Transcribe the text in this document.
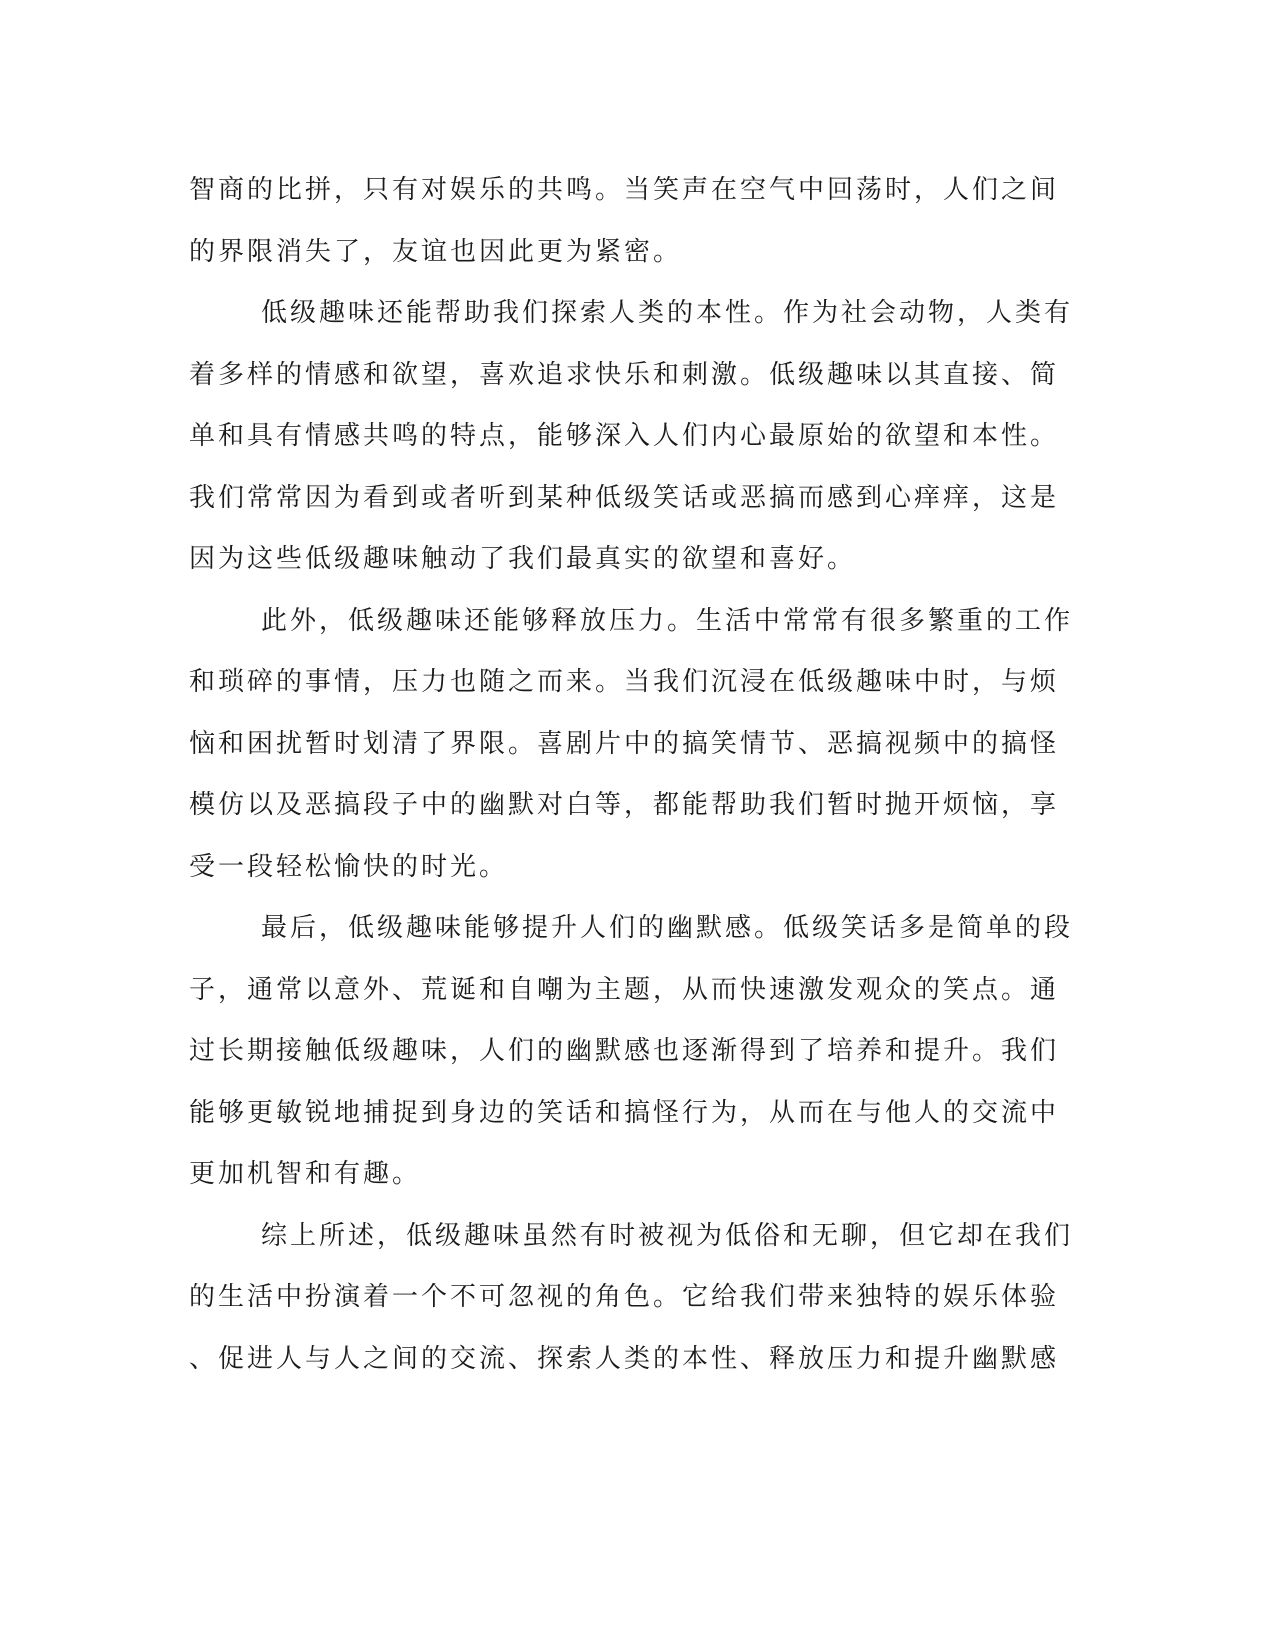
智商的比拼，只有对娱乐的共鸣。当笑声在空气中回荡时，人们之间
的界限消失了，友谊也因此更为紧密。
低级趣味还能帮助我们探索人类的本性。作为社会动物，人类有
着多样的情感和欲望，喜欢追求快乐和刺激。低级趣味以其直接、简
单和具有情感共鸣的特点，能够深入人们内心最原始的欲望和本性。
我们常常因为看到或者听到某种低级笑话或恶搞而感到心痒痒，这是
因为这些低级趣味触动了我们最真实的欲望和喜好。
此外，低级趣味还能够释放压力。生活中常常有很多繁重的工作
和琐碎的事情，压力也随之而来。当我们沉浸在低级趣味中时，与烦
恼和困扰暂时划清了界限。喜剧片中的搞笑情节、恶搞视频中的搞怪
模仿以及恶搞段子中的幽默对白等，都能帮助我们暂时抛开烦恼，享
受一段轻松愉快的时光。
最后，低级趣味能够提升人们的幽默感。低级笑话多是简单的段
子，通常以意外、荒诞和自嘲为主题，从而快速激发观众的笑点。通
过长期接触低级趣味，人们的幽默感也逐渐得到了培养和提升。我们
能够更敏锐地捕捉到身边的笑话和搞怪行为，从而在与他人的交流中
更加机智和有趣。
综上所述，低级趣味虽然有时被视为低俗和无聊，但它却在我们
的生活中扮演着一个不可忽视的角色。它给我们带来独特的娱乐体验
、促进人与人之间的交流、探索人类的本性、释放压力和提升幽默感
